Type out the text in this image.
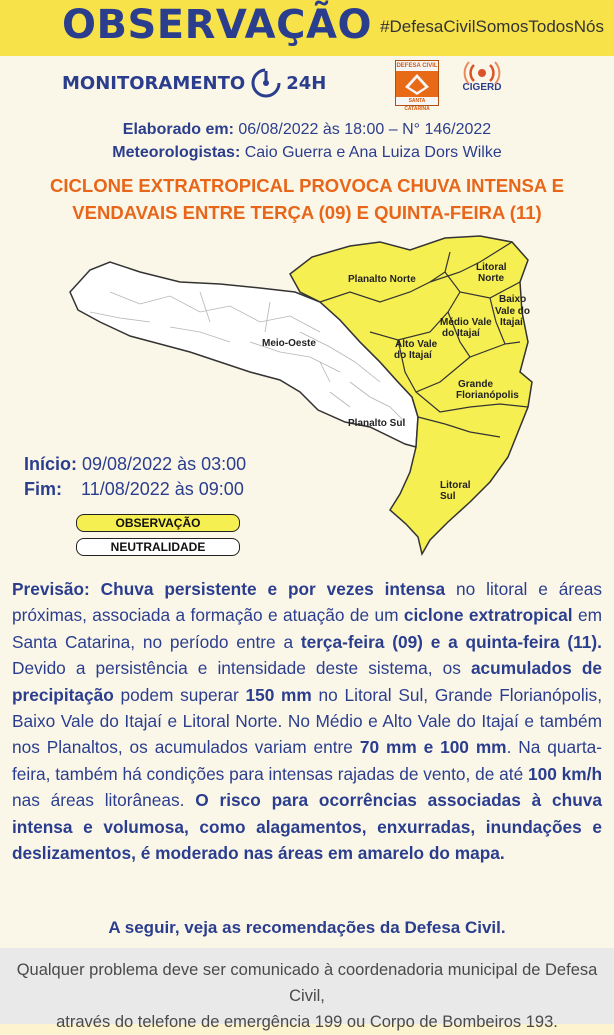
OBSERVAÇÃO #DefesaCivilSomosTodosNós
MONITORAMENTO 24H
DEFESA CIVIL
SANTA CATARINA
CIGERD
Elaborado em: 06/08/2022 às 18:00 – N° 146/2022
Meteorologistas: Caio Guerra e Ana Luiza Dors Wilke
CICLONE EXTRATROPICAL PROVOCA CHUVA INTENSA E
VENDAVAIS ENTRE TERÇA (09) E QUINTA-FEIRA (11)
Planalto Norte
Litoral
Norte
Baixo
Vale do
Itajaí
Médio Vale
do Itajaí
Alto Vale
do Itajaí
Grande
Florianópolis
Meio-Oeste
Planalto Sul
Litoral
Sul
Início: 09/08/2022 às 03:00
Fim: 11/08/2022 às 09:00
OBSERVAÇÃO
NEUTRALIDADE
Previsão: Chuva persistente e por vezes intensa no litoral e áreas próximas, associada a formação e atuação de um ciclone extratropical em Santa Catarina, no período entre a terça-feira (09) e a quinta-feira (11). Devido a persistência e intensidade deste sistema, os acumulados de precipitação podem superar 150 mm no Litoral Sul, Grande Florianópolis, Baixo Vale do Itajaí e Litoral Norte. No Médio e Alto Vale do Itajaí e também nos Planaltos, os acumulados variam entre 70 mm e 100 mm. Na quarta-feira, também há condições para intensas rajadas de vento, de até 100 km/h nas áreas litorâneas. O risco para ocorrências associadas à chuva intensa e volumosa, como alagamentos, enxurradas, inundações e deslizamentos, é moderado nas áreas em amarelo do mapa.
A seguir, veja as recomendações da Defesa Civil.
Qualquer problema deve ser comunicado à coordenadoria municipal de Defesa Civil,
através do telefone de emergência 199 ou Corpo de Bombeiros 193.
